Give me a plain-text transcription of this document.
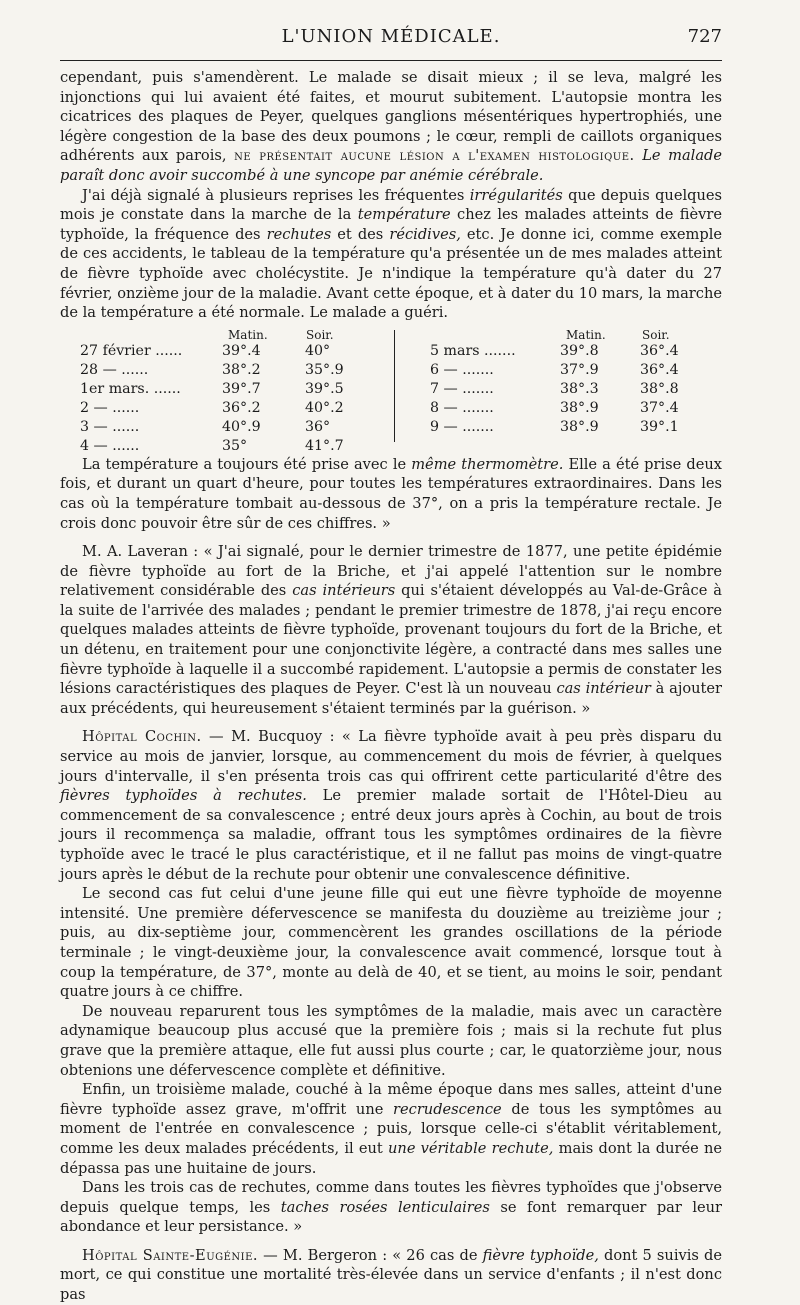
L'UNION MÉDICALE.	727

cependant, puis s'amendèrent. Le malade se disait mieux ; il se leva, malgré les injonctions qui lui avaient été faites, et mourut subitement. L'autopsie montra les cicatrices des plaques de Peyer, quelques ganglions mésentériques hypertrophiés, une légère congestion de la base des deux poumons ; le cœur, rempli de caillots organiques adhérents aux parois, ne présentait aucune lésion a l'examen histologique. Le malade paraît donc avoir succombé à une syncope par anémie cérébrale.

J'ai déjà signalé à plusieurs reprises les fréquentes irrégularités que depuis quelques mois je constate dans la marche de la température chez les malades atteints de fièvre typhoïde, la fréquence des rechutes et des récidives, etc. Je donne ici, comme exemple de ces accidents, le tableau de la température qu'a présentée un de mes malades atteint de fièvre typhoïde avec cholécystite. Je n'indique la température qu'à dater du 27 février, onzième jour de la maladie. Avant cette époque, et à dater du 10 mars, la marche de la température a été normale. Le malade a guéri.

Matin.	Soir.
27 février ......	39°.4	40°
28 — ......	38°.2	35°.9
1er mars. ......	39°.7	39°.5
2 — ......	36°.2	40°.2
3 — ......	40°.9	36°
4 — ......	35°	41°.7
Matin.	Soir.
5 mars .......	39°.8	36°.4
6 — .......	37°.9	36°.4
7 — .......	38°.3	38°.8
8 — .......	38°.9	37°.4
9 — .......	38°.9	39°.1

La température a toujours été prise avec le même thermomètre. Elle a été prise deux fois, et durant un quart d'heure, pour toutes les températures extraordinaires. Dans les cas où la température tombait au-dessous de 37°, on a pris la température rectale. Je crois donc pouvoir être sûr de ces chiffres. »

M. A. Laveran : « J'ai signalé, pour le dernier trimestre de 1877, une petite épidémie de fièvre typhoïde au fort de la Briche, et j'ai appelé l'attention sur le nombre relativement considérable des cas intérieurs qui s'étaient développés au Val-de-Grâce à la suite de l'arrivée des malades ; pendant le premier trimestre de 1878, j'ai reçu encore quelques malades atteints de fièvre typhoïde, provenant toujours du fort de la Briche, et un détenu, en traitement pour une conjonctivite légère, a contracté dans mes salles une fièvre typhoïde à laquelle il a succombé rapidement. L'autopsie a permis de constater les lésions caractéristiques des plaques de Peyer. C'est là un nouveau cas intérieur à ajouter aux précédents, qui heureusement s'étaient terminés par la guérison. »

Hôpital Cochin. — M. Bucquoy : « La fièvre typhoïde avait à peu près disparu du service au mois de janvier, lorsque, au commencement du mois de février, à quelques jours d'intervalle, il s'en présenta trois cas qui offrirent cette particularité d'être des fièvres typhoïdes à rechutes. Le premier malade sortait de l'Hôtel-Dieu au commencement de sa convalescence ; entré deux jours après à Cochin, au bout de trois jours il recommença sa maladie, offrant tous les symptômes ordinaires de la fièvre typhoïde avec le tracé le plus caractéristique, et il ne fallut pas moins de vingt-quatre jours après le début de la rechute pour obtenir une convalescence définitive.

Le second cas fut celui d'une jeune fille qui eut une fièvre typhoïde de moyenne intensité. Une première défervescence se manifesta du douzième au treizième jour ; puis, au dix-septième jour, commencèrent les grandes oscillations de la période terminale ; le vingt-deuxième jour, la convalescence avait commencé, lorsque tout à coup la température, de 37°, monte au delà de 40, et se tient, au moins le soir, pendant quatre jours à ce chiffre.

De nouveau reparurent tous les symptômes de la maladie, mais avec un caractère adynamique beaucoup plus accusé que la première fois ; mais si la rechute fut plus grave que la première attaque, elle fut aussi plus courte ; car, le quatorzième jour, nous obtenions une défervescence complète et définitive.

Enfin, un troisième malade, couché à la même époque dans mes salles, atteint d'une fièvre typhoïde assez grave, m'offrit une recrudescence de tous les symptômes au moment de l'entrée en convalescence ; puis, lorsque celle-ci s'établit véritablement, comme les deux malades précédents, il eut une véritable rechute, mais dont la durée ne dépassa pas une huitaine de jours.

Dans les trois cas de rechutes, comme dans toutes les fièvres typhoïdes que j'observe depuis quelque temps, les taches rosées lenticulaires se font remarquer par leur abondance et leur persistance. »

Hôpital Sainte-Eugénie. — M. Bergeron : « 26 cas de fièvre typhoïde, dont 5 suivis de mort, ce qui constitue une mortalité très-élevée dans un service d'enfants ; il n'est donc pas
